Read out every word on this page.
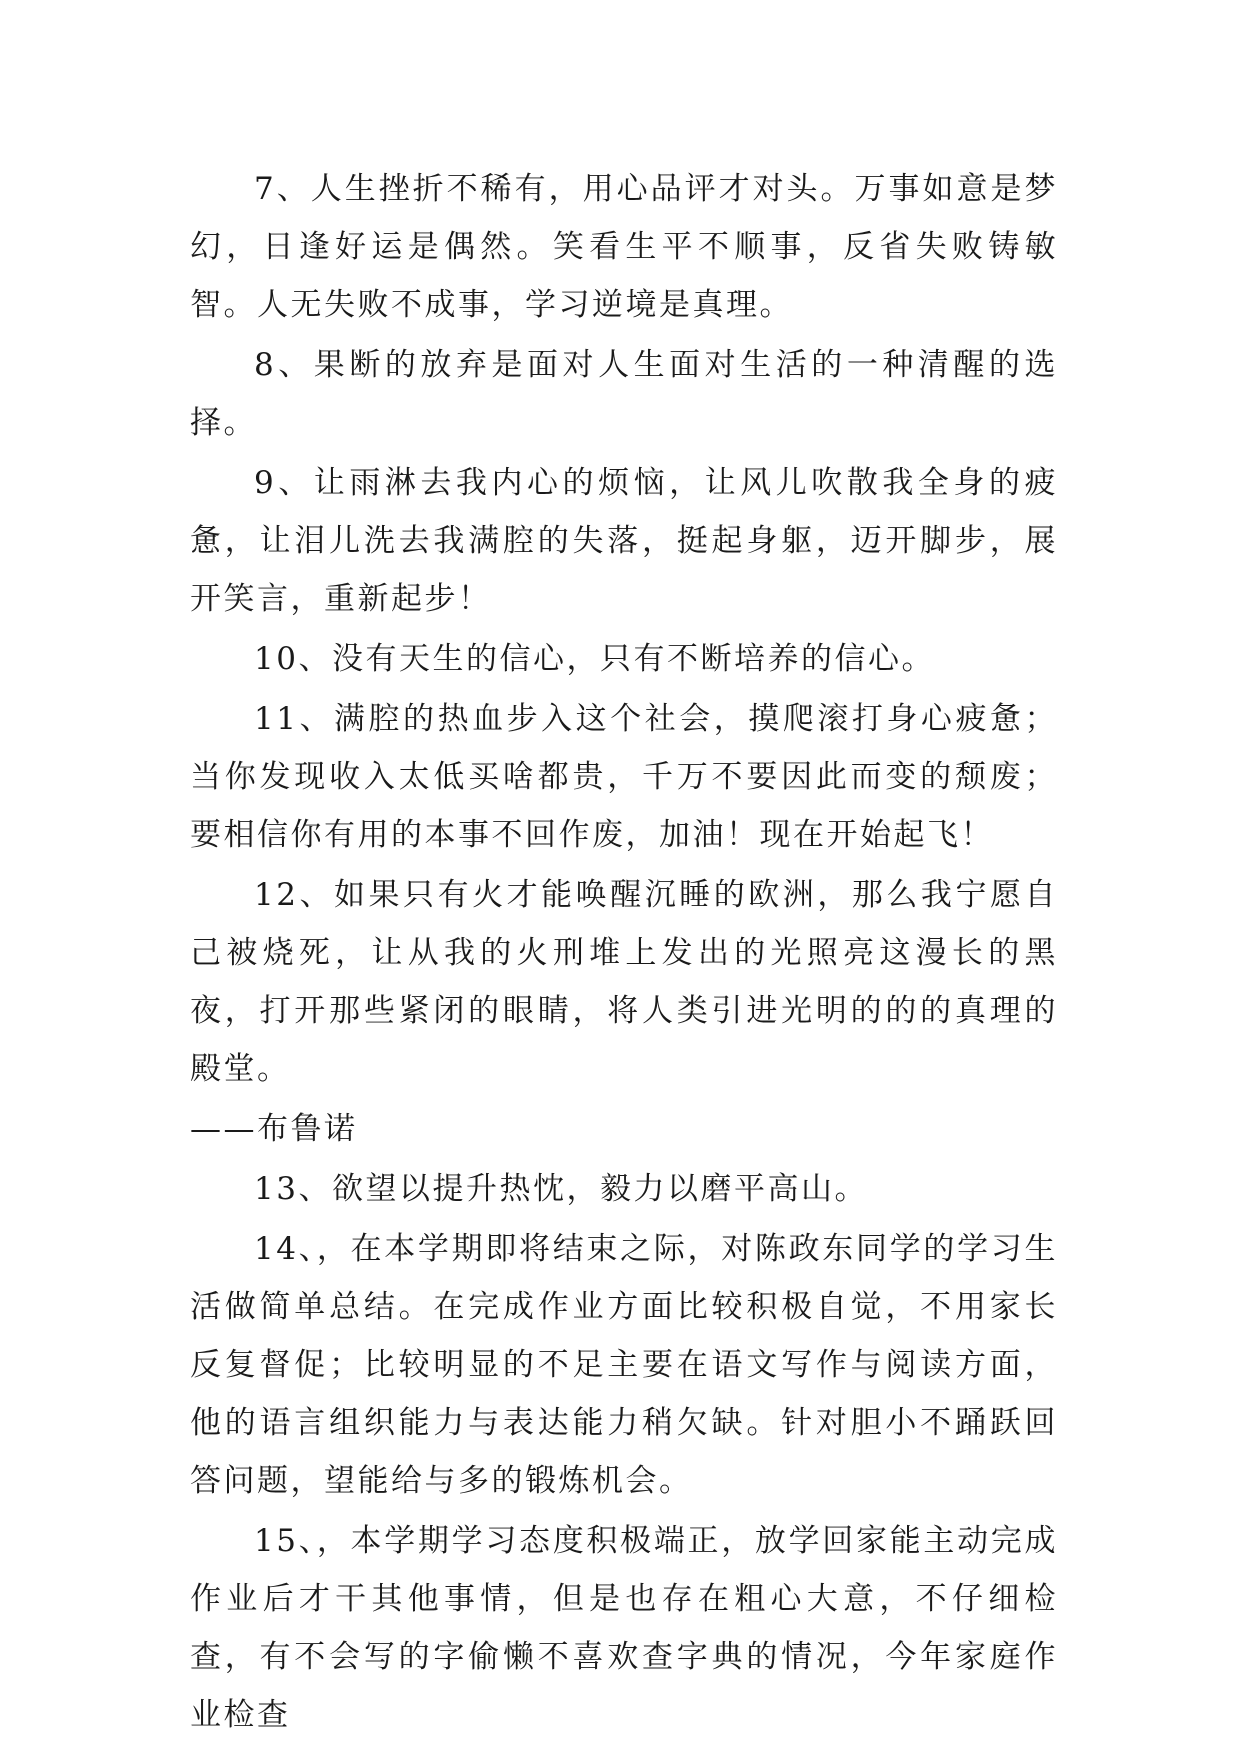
7、人生挫折不稀有，用心品评才对头。万事如意是梦幻，日逢好运是偶然。笑看生平不顺事，反省失败铸敏智。人无失败不成事，学习逆境是真理。

8、果断的放弃是面对人生面对生活的一种清醒的选择。

9、让雨淋去我内心的烦恼，让风儿吹散我全身的疲惫，让泪儿洗去我满腔的失落，挺起身躯，迈开脚步，展开笑言，重新起步！

10、没有天生的信心，只有不断培养的信心。

11、满腔的热血步入这个社会，摸爬滚打身心疲惫；当你发现收入太低买啥都贵，千万不要因此而变的颓废；要相信你有用的本事不回作废，加油！现在开始起飞！

12、如果只有火才能唤醒沉睡的欧洲，那么我宁愿自己被烧死，让从我的火刑堆上发出的光照亮这漫长的黑夜，打开那些紧闭的眼睛，将人类引进光明的的的真理的殿堂。

——布鲁诺

13、欲望以提升热忱，毅力以磨平高山。

14、，在本学期即将结束之际，对陈政东同学的学习生活做简单总结。在完成作业方面比较积极自觉，不用家长反复督促；比较明显的不足主要在语文写作与阅读方面，他的语言组织能力与表达能力稍欠缺。针对胆小不踊跃回答问题，望能给与多的锻炼机会。

15、，本学期学习态度积极端正，放学回家能主动完成作业后才干其他事情，但是也存在粗心大意，不仔细检查，有不会写的字偷懒不喜欢查字典的情况，今年家庭作业检查
